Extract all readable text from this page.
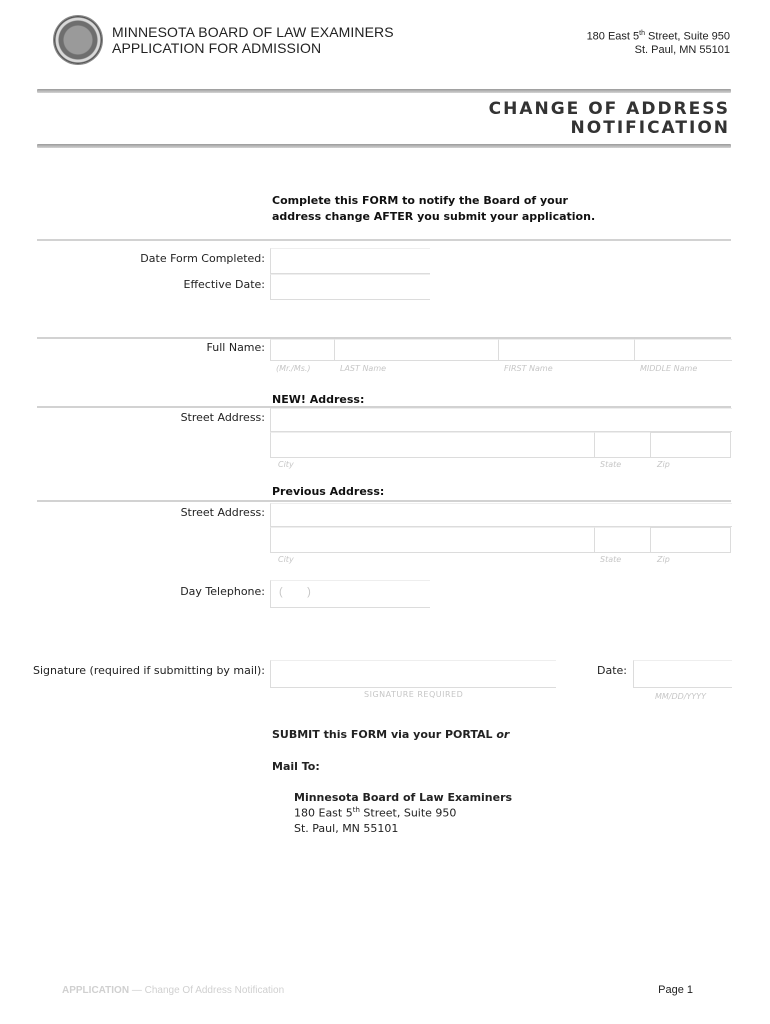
MINNESOTA BOARD OF LAW EXAMINERS
APPLICATION FOR ADMISSION
180 East 5th Street, Suite 950
St. Paul, MN 55101
CHANGE OF ADDRESS
NOTIFICATION
Complete this FORM to notify the Board of your
address change AFTER you submit your application.
Date Form Completed:
Effective Date:
Full Name:
(Mr./Ms.)	LAST Name	FIRST Name	MIDDLE Name
NEW! Address:
Street Address:
City	State	Zip
Previous Address:
Street Address:
City	State	Zip
Day Telephone: (        )
Signature (required if submitting by mail):
SIGNATURE REQUIRED
Date:
MM/DD/YYYY
SUBMIT this FORM via your PORTAL or
Mail To:
Minnesota Board of Law Examiners
180 East 5th Street, Suite 950
St. Paul, MN 55101
APPLICATION — Change Of Address Notification	Page 1
